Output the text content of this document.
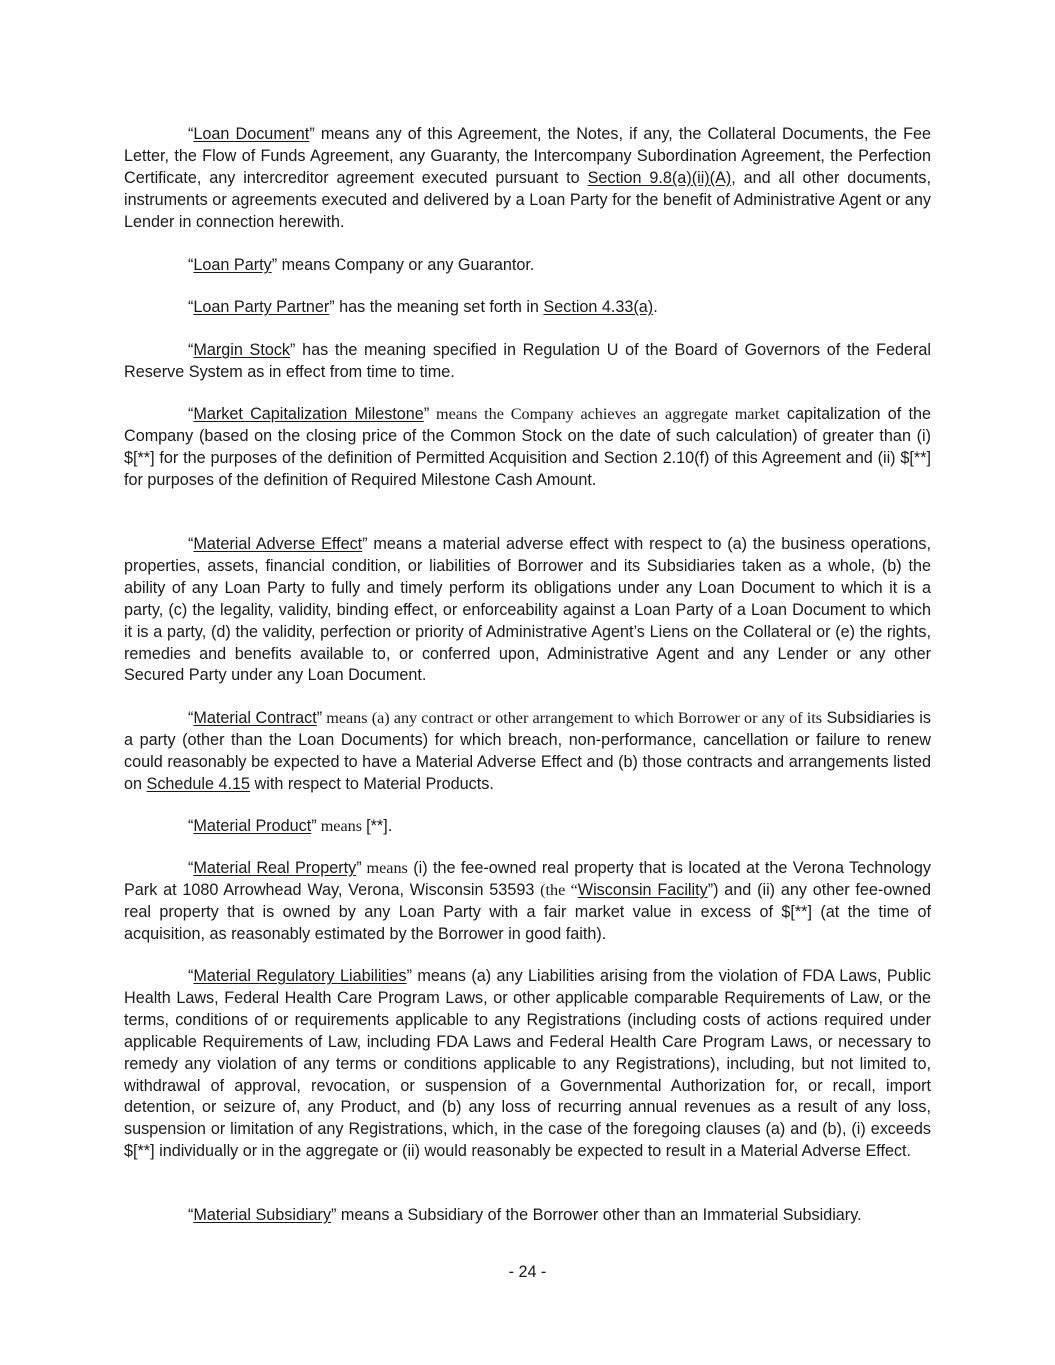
“Loan Document” means any of this Agreement, the Notes, if any, the Collateral Documents, the Fee Letter, the Flow of Funds Agreement, any Guaranty, the Intercompany Subordination Agreement, the Perfection Certificate, any intercreditor agreement executed pursuant to Section 9.8(a)(ii)(A), and all other documents, instruments or agreements executed and delivered by a Loan Party for the benefit of Administrative Agent or any Lender in connection herewith.

“Loan Party” means Company or any Guarantor.

“Loan Party Partner” has the meaning set forth in Section 4.33(a).

“Margin Stock” has the meaning specified in Regulation U of the Board of Governors of the Federal Reserve System as in effect from time to time.

“Market Capitalization Milestone” means the Company achieves an aggregate market capitalization of the Company (based on the closing price of the Common Stock on the date of such calculation) of greater than (i) $[**] for the purposes of the definition of Permitted Acquisition and Section 2.10(f) of this Agreement and (ii) $[**] for purposes of the definition of Required Milestone Cash Amount.

“Material Adverse Effect” means a material adverse effect with respect to (a) the business operations, properties, assets, financial condition, or liabilities of Borrower and its Subsidiaries taken as a whole, (b) the ability of any Loan Party to fully and timely perform its obligations under any Loan Document to which it is a party, (c) the legality, validity, binding effect, or enforceability against a Loan Party of a Loan Document to which it is a party, (d) the validity, perfection or priority of Administrative Agent’s Liens on the Collateral or (e) the rights, remedies and benefits available to, or conferred upon, Administrative Agent and any Lender or any other Secured Party under any Loan Document.

“Material Contract” means (a) any contract or other arrangement to which Borrower or any of its Subsidiaries is a party (other than the Loan Documents) for which breach, non-performance, cancellation or failure to renew could reasonably be expected to have a Material Adverse Effect and (b) those contracts and arrangements listed on Schedule 4.15 with respect to Material Products.

“Material Product” means [**].

“Material Real Property” means (i) the fee-owned real property that is located at the Verona Technology Park at 1080 Arrowhead Way, Verona, Wisconsin 53593 (the “Wisconsin Facility”) and (ii) any other fee-owned real property that is owned by any Loan Party with a fair market value in excess of $[**] (at the time of acquisition, as reasonably estimated by the Borrower in good faith).

“Material Regulatory Liabilities” means (a) any Liabilities arising from the violation of FDA Laws, Public Health Laws, Federal Health Care Program Laws, or other applicable comparable Requirements of Law, or the terms, conditions of or requirements applicable to any Registrations (including costs of actions required under applicable Requirements of Law, including FDA Laws and Federal Health Care Program Laws, or necessary to remedy any violation of any terms or conditions applicable to any Registrations), including, but not limited to, withdrawal of approval, revocation, or suspension of a Governmental Authorization for, or recall, import detention, or seizure of, any Product, and (b) any loss of recurring annual revenues as a result of any loss, suspension or limitation of any Registrations, which, in the case of the foregoing clauses (a) and (b), (i) exceeds $[**] individually or in the aggregate or (ii) would reasonably be expected to result in a Material Adverse Effect.

“Material Subsidiary” means a Subsidiary of the Borrower other than an Immaterial Subsidiary.

- 24 -
